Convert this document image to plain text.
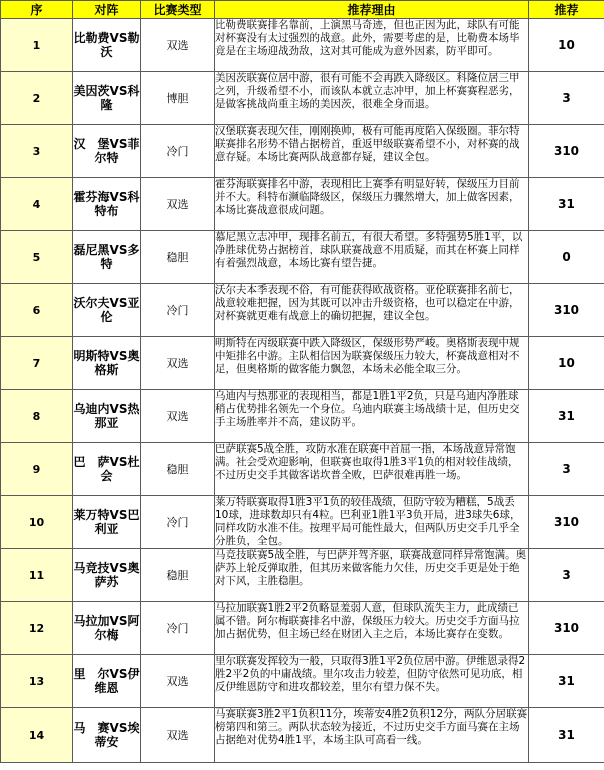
序	对阵	比赛类型	推荐理由	推荐
1	比勒费VS勒沃	双选	比勒费联赛排名靠前，上演黑马奇迹，但也正因为此，球队有可能对杯赛没有太过强烈的战意。此外，需要考虑的是，比勒费本场毕竟是在主场迎战劲敌，这对其可能成为意外因素，防平即可。	10
2	美因茨VS科隆	博胆	美因茨联赛位居中游，很有可能不会再跌入降级区。科隆位居三甲之列，升级希望不小，而该队本就立志冲甲，加上杯赛赛程恶劣，是做客挑战尚重主场的美因茨，很难全身而退。	3
3	汉　堡VS菲尔特	冷门	汉堡联赛表现欠佳，刚刚换帅，极有可能再度陷入保级圈。菲尔特联赛排名形势不错占据榜首，重返甲级联赛希望不小，对杯赛的战意存疑。本场比赛两队战意都存疑，建议全包。	310
4	霍芬海VS科特布	双选	霍芬海联赛排名中游，表现相比上赛季有明显好转，保级压力目前并不大。科特布濒临降级区，保级压力骤然增大，加上做客因素，本场比赛战意很成问题。	31
5	磊尼黑VS多特	稳胆	慕尼黑立志冲甲，现排名前五，有很大希望。多特强势5胜1平，以净胜球优势占据榜首，球队联赛战意不用质疑，而其在杯赛上同样有着强烈战意，本场比赛有望告捷。	0
6	沃尔夫VS亚伦	冷门	沃尔夫本季表现不俗，有可能获得欧战资格。亚伦联赛排名前七，战意较难把握，因为其既可以冲击升级资格，也可以稳定在中游，对杯赛就更难有战意上的确切把握，建议全包。	310
7	明斯特VS奥格斯	双选	明斯特在丙级联赛中跌入降级区，保级形势严峻。奥格斯表现中规中矩排名中游。主队相信因为联赛保级压力较大，杯赛战意相对不足，但奥格斯的做客能力飘忽，本场未必能全取三分。	10
8	乌迪内VS热那亚	双选	乌迪内与热那亚的表现相当，都是1胜1平2负，只是乌迪内净胜球稍占优势排名领先一个身位。乌迪内联赛主场战绩十足，但历史交手主场胜率并不高，建议防平。	31
9	巴　萨VS杜会	稳胆	巴萨联赛5战全胜，攻防水准在联赛中首屈一指，本场战意异常饱满。社会受欢迎影响，但联赛也取得1胜3平1负的相对较佳战绩，不过历史交手其做客诺坎普全败，巴萨很难再胜一场。	3
10	莱万特VS巴利亚	冷门	莱万特联赛取得1胜3平1负的较佳战绩，但防守较为糟糕，5战丢10球，进球数却只有4粒。巴利亚1胜1平3负开局，进3球失6球，同样攻防水准不佳。按理平局可能性最大，但两队历史交手几乎全分胜负，全包。	310
11	马竞技VS奥萨苏	稳胆	马竞技联赛5战全胜，与巴萨并驾齐驱，联赛战意同样异常饱满。奥萨苏上轮反弹取胜，但其历来做客能力欠佳，历史交手更是处于绝对下风，主胜稳胆。	3
12	马拉加VS阿尔梅	冷门	马拉加联赛1胜2平2负略显羞弱人意，但球队流失主力，此成绩已属不错。阿尔梅联赛排名中游，保级压力较大。历史交手方面马拉加占据优势，但主场已经在财团入主之后，本场比赛存在变数。	310
13	里　尔VS伊维恩	双选	里尔联赛发挥较为一般，只取得3胜1平2负位居中游。伊维恩录得2胜2平2负的中庸战绩。里尔攻击力较差，但防守依然可见功底，相反伊维恩防守和进攻都较差，里尔有望力保不失。	31
14	马　赛VS埃蒂安	双选	马赛联赛3胜2平1负积11分，埃蒂安4胜2负积12分，两队分居联赛榜第四和第三。两队状态较为接近，不过历史交手方面马赛在主场占据绝对优势4胜1平，本场主队可高看一线。	31
